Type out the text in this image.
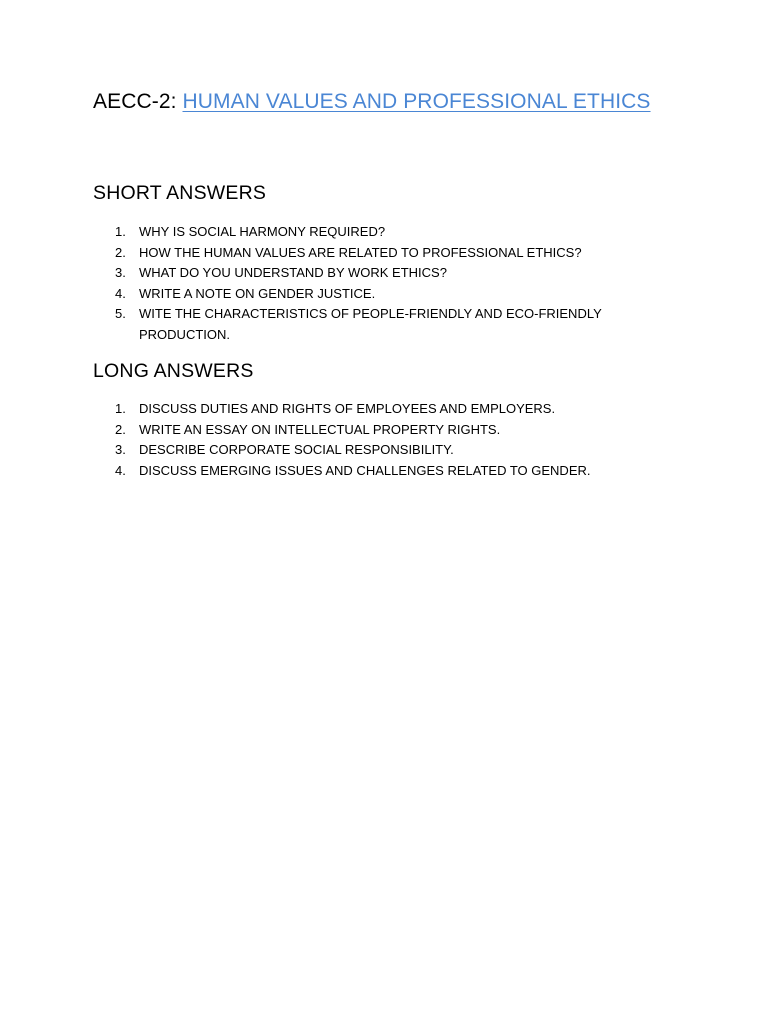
AECC-2: HUMAN VALUES AND PROFESSIONAL ETHICS
SHORT ANSWERS
1.	WHY IS SOCIAL HARMONY REQUIRED?
2.	HOW THE HUMAN VALUES ARE RELATED TO PROFESSIONAL ETHICS?
3.	WHAT DO YOU UNDERSTAND BY WORK ETHICS?
4.	WRITE A NOTE ON GENDER JUSTICE.
5.	WITE THE CHARACTERISTICS OF PEOPLE-FRIENDLY AND ECO-FRIENDLY PRODUCTION.
LONG ANSWERS
1.	DISCUSS DUTIES AND RIGHTS OF EMPLOYEES AND EMPLOYERS.
2.	WRITE AN ESSAY ON INTELLECTUAL PROPERTY RIGHTS.
3.	DESCRIBE CORPORATE SOCIAL RESPONSIBILITY.
4.	DISCUSS EMERGING ISSUES AND CHALLENGES RELATED TO GENDER.
